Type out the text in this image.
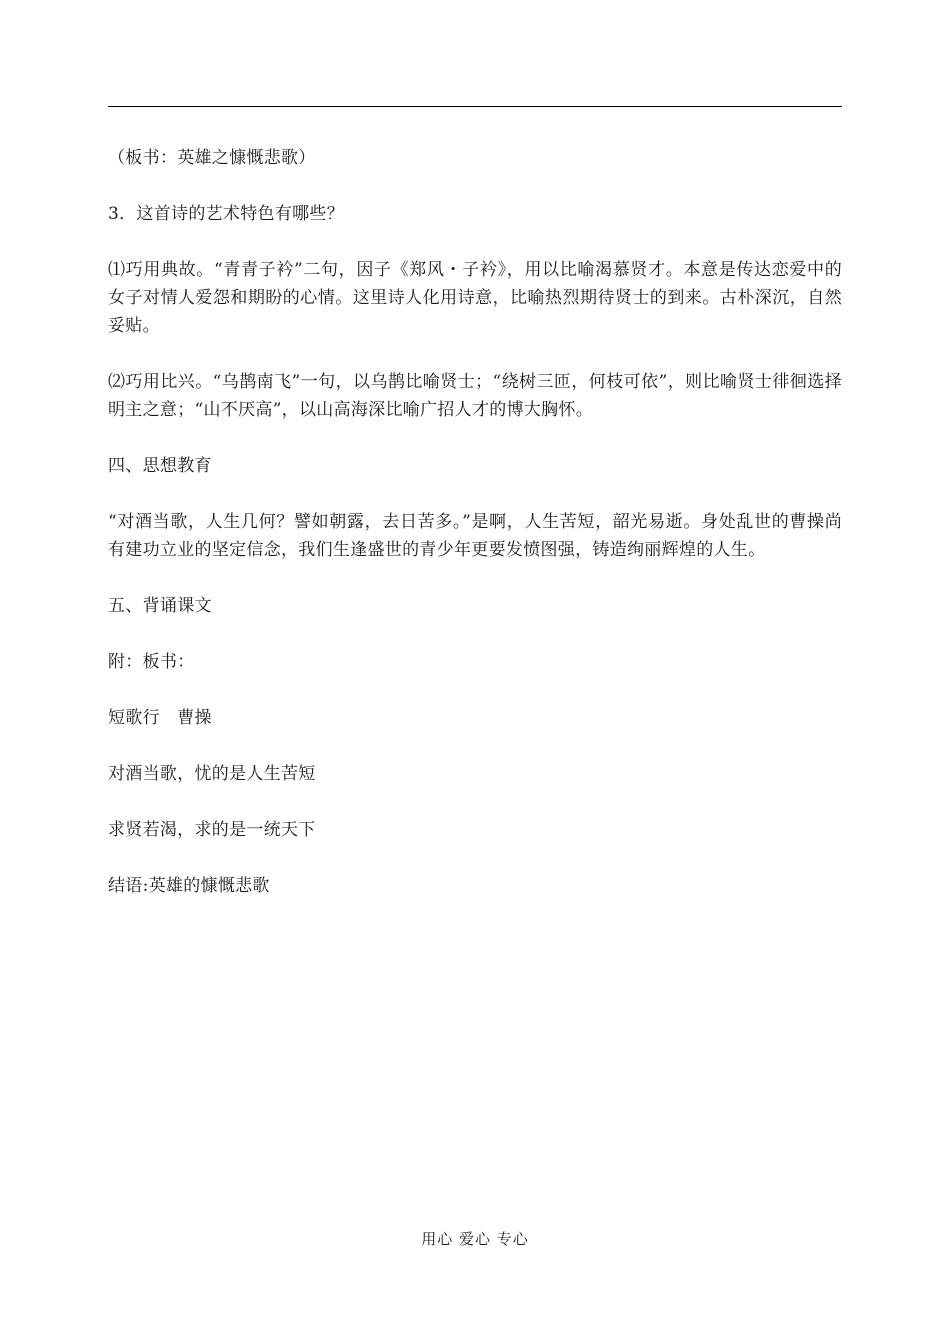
（板书：英雄之慷慨悲歌）

3．这首诗的艺术特色有哪些？

⑴巧用典故。“青青子衿”二句，因子《郑风・子衿》，用以比喻渴慕贤才。本意是传达恋爱中的女子对情人爱怨和期盼的心情。这里诗人化用诗意，比喻热烈期待贤士的到来。古朴深沉，自然妥贴。

⑵巧用比兴。“乌鹊南飞”一句，以乌鹊比喻贤士；“绕树三匝，何枝可依”，则比喻贤士徘徊选择明主之意；“山不厌高”，以山高海深比喻广招人才的博大胸怀。

四、思想教育

“对酒当歌，人生几何？譬如朝露，去日苦多。”是啊，人生苦短，韶光易逝。身处乱世的曹操尚有建功立业的坚定信念，我们生逢盛世的青少年更要发愤图强，铸造绚丽辉煌的人生。

五、背诵课文

附：板书：

短歌行　曹操

对酒当歌，忧的是人生苦短

求贤若渴，求的是一统天下

结语:英雄的慷慨悲歌

用心 爱心 专心
